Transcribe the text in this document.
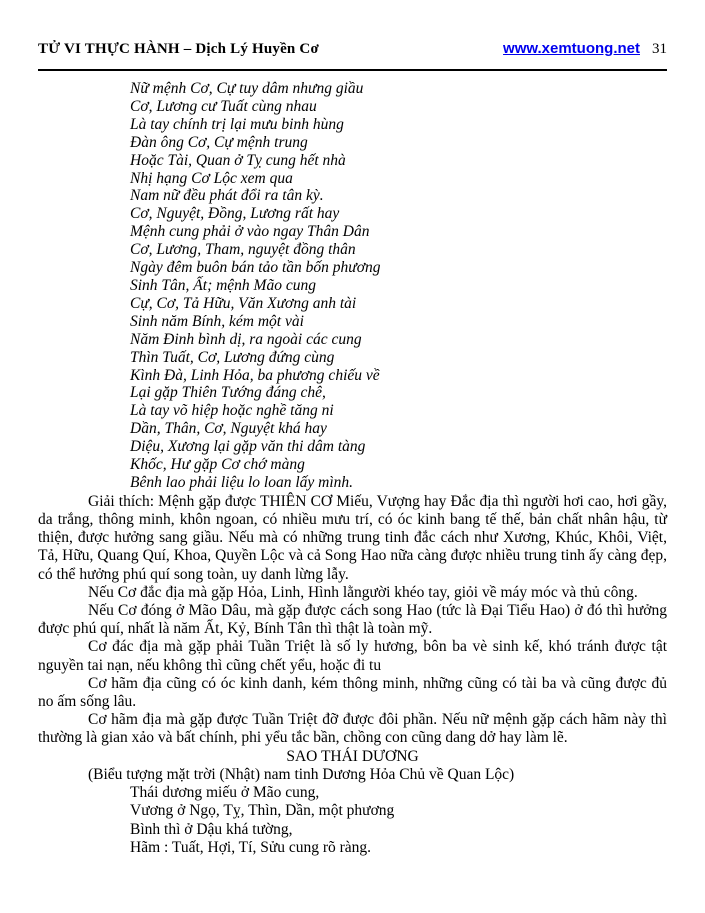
TỬ VI THỰC HÀNH – Dịch Lý Huyền Cơ	www.xemtuong.net 31
Nữ mệnh Cơ, Cự tuy dâm nhưng giầu
Cơ, Lương cư Tuất cùng nhau
Là tay chính trị lại mưu binh hùng
Đàn ông Cơ, Cự mệnh trung
Hoặc Tài, Quan ở Tỵ cung hết nhà
Nhị hạng Cơ Lộc xem qua
Nam nữ đều phát đổi ra tân kỳ.
Cơ, Nguyệt, Đồng, Lương rất hay
Mệnh cung phải ở vào ngay Thân Dân
Cơ, Lương, Tham, nguyệt đồng thân
Ngày đêm buôn bán tảo tần bốn phương
Sinh Tân, Ất; mệnh Mão cung
Cự, Cơ, Tả Hữu, Văn Xương anh tài
Sinh năm Bính, kém một vài
Năm Đinh bình dị, ra ngoài các cung
Thìn Tuất, Cơ, Lương đứng cùng
Kình Đà, Linh Hỏa, ba phương chiếu về
Lại gặp Thiên Tướng đáng chê,
Là tay võ hiệp hoặc nghề tăng ni
Dần, Thân, Cơ, Nguyệt khá hay
Diệu, Xương lại gặp văn thi dâm tàng
Khốc, Hư gặp Cơ chớ màng
Bênh lao phải liệu lo loan lấy mình.

Giải thích: Mệnh gặp được THIÊN CƠ Miếu, Vượng hay Đắc địa thì người hơi cao, hơi gầy, da trắng, thông minh, khôn ngoan, có nhiều mưu trí, có óc kinh bang tế thế, bản chất nhân hậu, từ thiện, được hưởng sang giầu. Nếu mà có những trung tinh đắc cách như Xương, Khúc, Khôi, Việt, Tả, Hữu, Quang Quí, Khoa, Quyền Lộc và cả Song Hao nữa càng được nhiều trung tinh ấy càng đẹp, có thể hưởng phú quí song toàn, uy danh lừng lẫy.

Nếu Cơ đắc địa mà gặp Hỏa, Linh, Hình lằngười khéo tay, giỏi về máy móc và thủ công.

Nếu Cơ đóng ở Mão Dâu, mà gặp được cách song Hao (tức là Đại Tiểu Hao) ở đó thì hưởng được phú quí, nhất là năm Ất, Kỷ, Bính Tân thì thật là toàn mỹ.

Cơ đác địa mà gặp phải Tuần Triệt là số ly hương, bôn ba vè sinh kế, khó tránh được tật nguyền tai nạn, nếu không thì cũng chết yểu, hoặc đi tu

Cơ hãm địa cũng có óc kinh danh, kém thông minh, những cũng có tài ba và cũng được đủ no ấm sống lâu.

Cơ hãm địa mà gặp được Tuần Triệt đỡ được đôi phần. Nếu nữ mệnh gặp cách hãm này thì thường là gian xảo và bất chính, phi yểu tắc bần, chồng con cũng dang dở hay làm lẽ.

SAO THÁI DƯƠNG

(Biểu tượng mặt trời (Nhật) nam tinh Dương Hỏa Chủ về Quan Lộc)

Thái dương miếu ở Mão cung,
Vương ở Ngọ, Tỵ, Thìn, Dần, một phương
Bình thì ở Dậu khá tường,
Hãm : Tuất, Hợi, Tí, Sửu cung rõ ràng.
